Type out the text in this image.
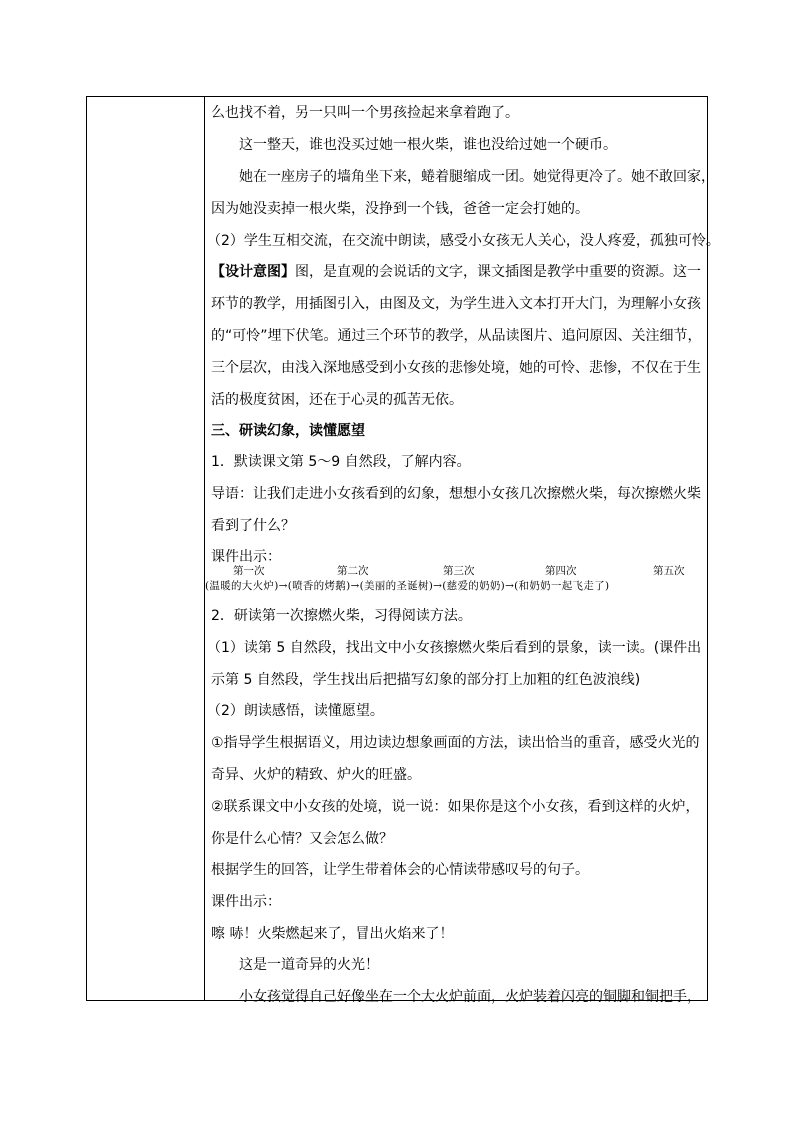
么也找不着，另一只叫一个男孩捡起来拿着跑了。
这一整天，谁也没买过她一根火柴，谁也没给过她一个硬币。
她在一座房子的墙角坐下来，蜷着腿缩成一团。她觉得更冷了。她不敢回家，
因为她没卖掉一根火柴，没挣到一个钱，爸爸一定会打她的。
（2）学生互相交流，在交流中朗读，感受小女孩无人关心，没人疼爱，孤独可怜。
【设计意图】图，是直观的会说话的文字，课文插图是教学中重要的资源。这一
环节的教学，用插图引入，由图及文，为学生进入文本打开大门，为理解小女孩
的“可怜”埋下伏笔。通过三个环节的教学，从品读图片、追问原因、关注细节，
三个层次，由浅入深地感受到小女孩的悲惨处境，她的可怜、悲惨，不仅在于生
活的极度贫困，还在于心灵的孤苦无依。
三、研读幻象，读懂愿望
1．默读课文第 5～9 自然段，了解内容。
导语：让我们走进小女孩看到的幻象，想想小女孩几次擦燃火柴，每次擦燃火柴
看到了什么？
课件出示：
2．研读第一次擦燃火柴，习得阅读方法。
（1）读第 5 自然段，找出文中小女孩擦燃火柴后看到的景象，读一读。(课件出
示第 5 自然段，学生找出后把描写幻象的部分打上加粗的红色波浪线)
（2）朗读感悟，读懂愿望。
①指导学生根据语义，用边读边想象画面的方法，读出恰当的重音，感受火光的
奇异、火炉的精致、炉火的旺盛。
②联系课文中小女孩的处境，说一说：如果你是这个小女孩，看到这样的火炉，
你是什么心情？又会怎么做？
根据学生的回答，让学生带着体会的心情读带感叹号的句子。
课件出示：
嚓 哧！火柴燃起来了，冒出火焰来了！
这是一道奇异的火光！
小女孩觉得自己好像坐在一个大火炉前面，火炉装着闪亮的铜脚和铜把手，
第一次	第二次	第三次	第四次	第五次
(温暖的大火炉)→(喷香的烤鹅)→(美丽的圣诞树)→(慈爱的奶奶)→(和奶奶一起飞走了)
